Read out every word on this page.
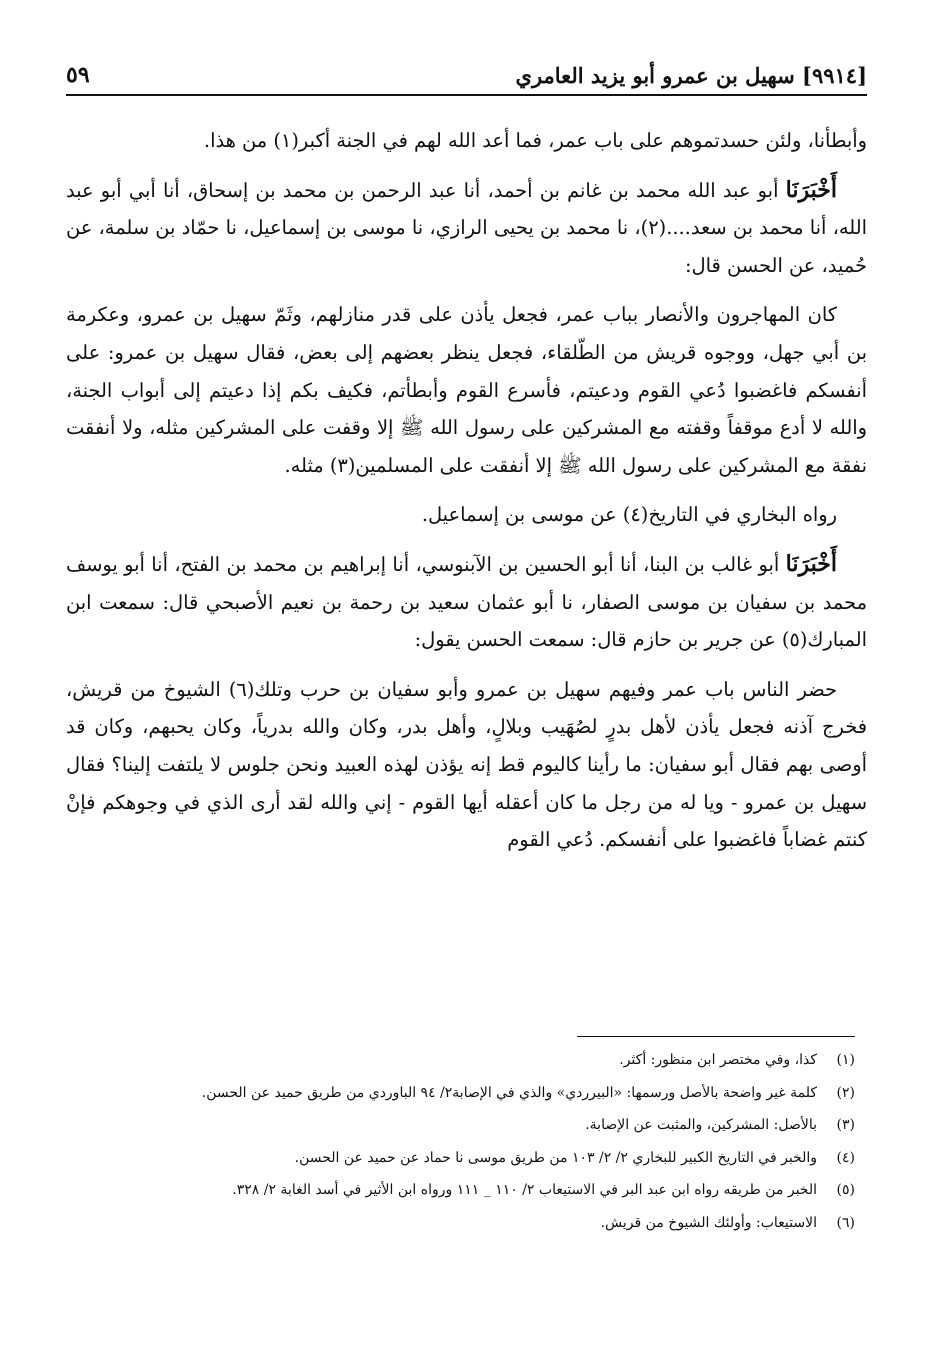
[٩٩١٤] سهيل بن عمرو أبو يزيد العامري
٥٩

وأبطأنا، ولئن حسدتموهم على باب عمر، فما أعد الله لهم في الجنة أكبر(١) من هذا.

أَخْبَرَنَا أبو عبد الله محمد بن غانم بن أحمد، أنا عبد الرحمن بن محمد بن إسحاق، أنا أبي أبو عبد الله، أنا محمد بن سعد....(٢)، نا محمد بن يحيى الرازي، نا موسى بن إسماعيل، نا حمّاد بن سلمة، عن حُميد، عن الحسن قال:

كان المهاجرون والأنصار بباب عمر، فجعل يأذن على قدر منازلهم، وثَمّ سهيل بن عمرو، وعكرمة بن أبي جهل، ووجوه قريش من الطّلقاء، فجعل ينظر بعضهم إلى بعض، فقال سهيل بن عمرو: على أنفسكم فاغضبوا دُعي القوم ودعيتم، فأسرع القوم وأبطأتم، فكيف بكم إذا دعيتم إلى أبواب الجنة، والله لا أدع موقفاً وقفته مع المشركين على رسول الله ﷺ إلا وقفت على المشركين مثله، ولا أنفقت نفقة مع المشركين على رسول الله ﷺ إلا أنفقت على المسلمين(٣) مثله.

رواه البخاري في التاريخ(٤) عن موسى بن إسماعيل.

أَخْبَرَنَا أبو غالب بن البنا، أنا أبو الحسين بن الآبنوسي، أنا إبراهيم بن محمد بن الفتح، أنا أبو يوسف محمد بن سفيان بن موسى الصفار، نا أبو عثمان سعيد بن رحمة بن نعيم الأصبحي قال: سمعت ابن المبارك(٥) عن جرير بن حازم قال: سمعت الحسن يقول:

حضر الناس باب عمر وفيهم سهيل بن عمرو وأبو سفيان بن حرب وتلك(٦) الشيوخ من قريش، فخرج آذنه فجعل يأذن لأهل بدرٍ لصُهَيب وبلالٍ، وأهل بدر، وكان والله بدرياً، وكان يحبهم، وكان قد أوصى بهم فقال أبو سفيان: ما رأينا كاليوم قط إنه يؤذن لهذه العبيد ونحن جلوس لا يلتفت إلينا؟ فقال سهيل بن عمرو - ويا له من رجل ما كان أعقله أيها القوم - إني والله لقد أرى الذي في وجوهكم فإنْ كنتم غضاباً فاغضبوا على أنفسكم. دُعي القوم

(١)
كذا، وفي مختصر ابن منظور: أكثر.
(٢)
كلمة غير واضحة بالأصل ورسمها: «البيرردي» والذي في الإصابة٢/ ٩٤ الباوردي من طريق حميد عن الحسن.
(٣)
بالأصل: المشركين، والمثبت عن الإصابة.
(٤)
والخبر في التاريخ الكبير للبخاري ٢/ ٢/ ١٠٣ من طريق موسى نا حماد عن حميد عن الحسن.
(٥)
الخبر من طريقه رواه ابن عبد البر في الاستيعاب ٢/ ١١٠ _ ١١١ ورواه ابن الأثير في أسد الغابة ٢/ ٣٢٨.
(٦)
الاستيعاب: وأولئك الشيوخ من قريش.
